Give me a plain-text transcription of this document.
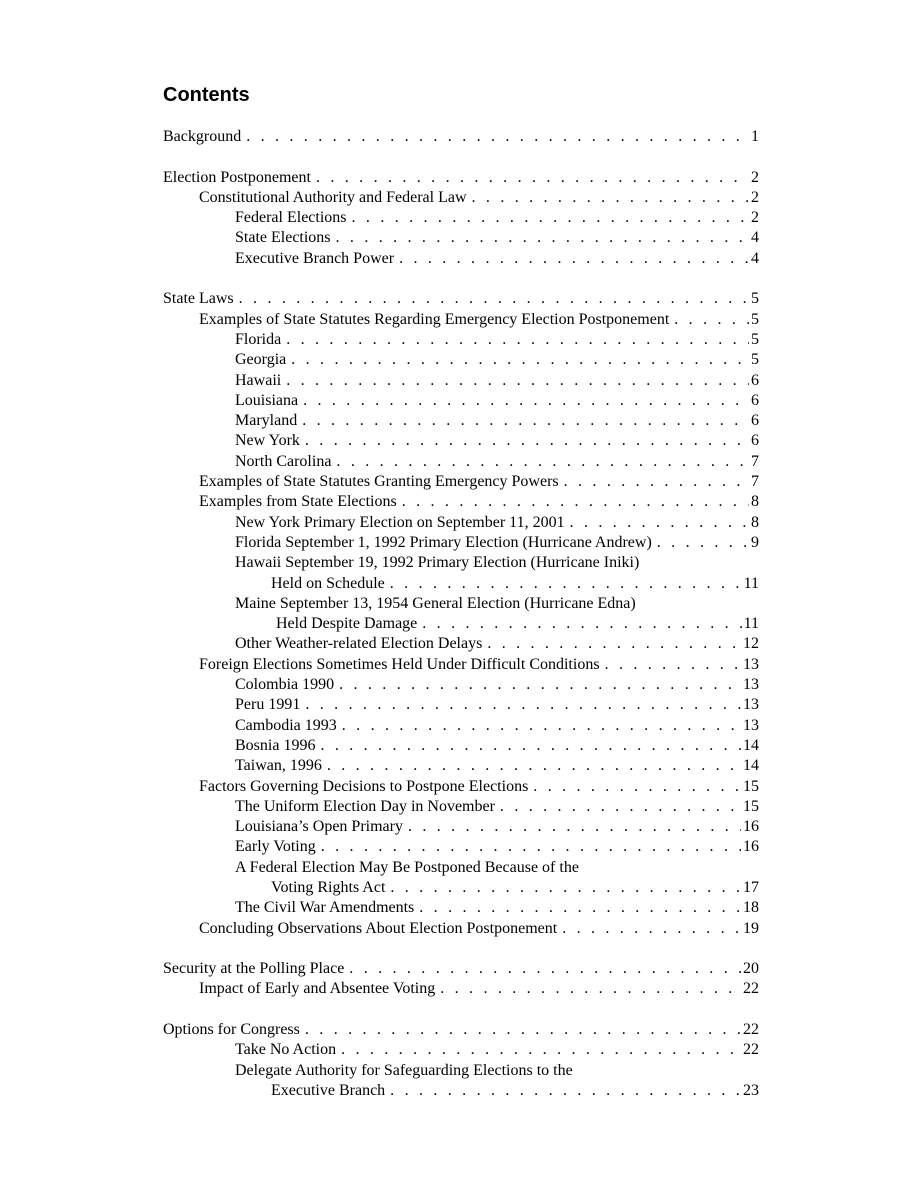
Contents
Background . . .	1
Election Postponement . . .	2
Constitutional Authority and Federal Law . . .	2
Federal Elections . . .	2
State Elections . . .	4
Executive Branch Power . . .	4
State Laws . . .	5
Examples of State Statutes Regarding Emergency Election Postponement . . .	5
Florida . . .	5
Georgia . . .	5
Hawaii . . .	6
Louisiana . . .	6
Maryland . . .	6
New York . . .	6
North Carolina . . .	7
Examples of State Statutes Granting Emergency Powers . . .	7
Examples from State Elections . . .	8
New York Primary Election on September 11, 2001 . . .	8
Florida September 1, 1992 Primary Election (Hurricane Andrew) . . .	9
Hawaii September 19, 1992 Primary Election (Hurricane Iniki)
Held on Schedule . . .	11
Maine September 13, 1954 General Election (Hurricane Edna)
Held Despite Damage . . .	11
Other Weather-related Election Delays . . .	12
Foreign Elections Sometimes Held Under Difficult Conditions . . .	13
Colombia 1990 . . .	13
Peru 1991 . . .	13
Cambodia 1993 . . .	13
Bosnia 1996 . . .	14
Taiwan, 1996 . . .	14
Factors Governing Decisions to Postpone Elections . . .	15
The Uniform Election Day in November . . .	15
Louisiana’s Open Primary . . .	16
Early Voting . . .	16
A Federal Election May Be Postponed Because of the
Voting Rights Act . . .	17
The Civil War Amendments . . .	18
Concluding Observations About Election Postponement . . .	19
Security at the Polling Place . . .	20
Impact of Early and Absentee Voting . . .	22
Options for Congress . . .	22
Take No Action . . .	22
Delegate Authority for Safeguarding Elections to the
Executive Branch . . .	23
